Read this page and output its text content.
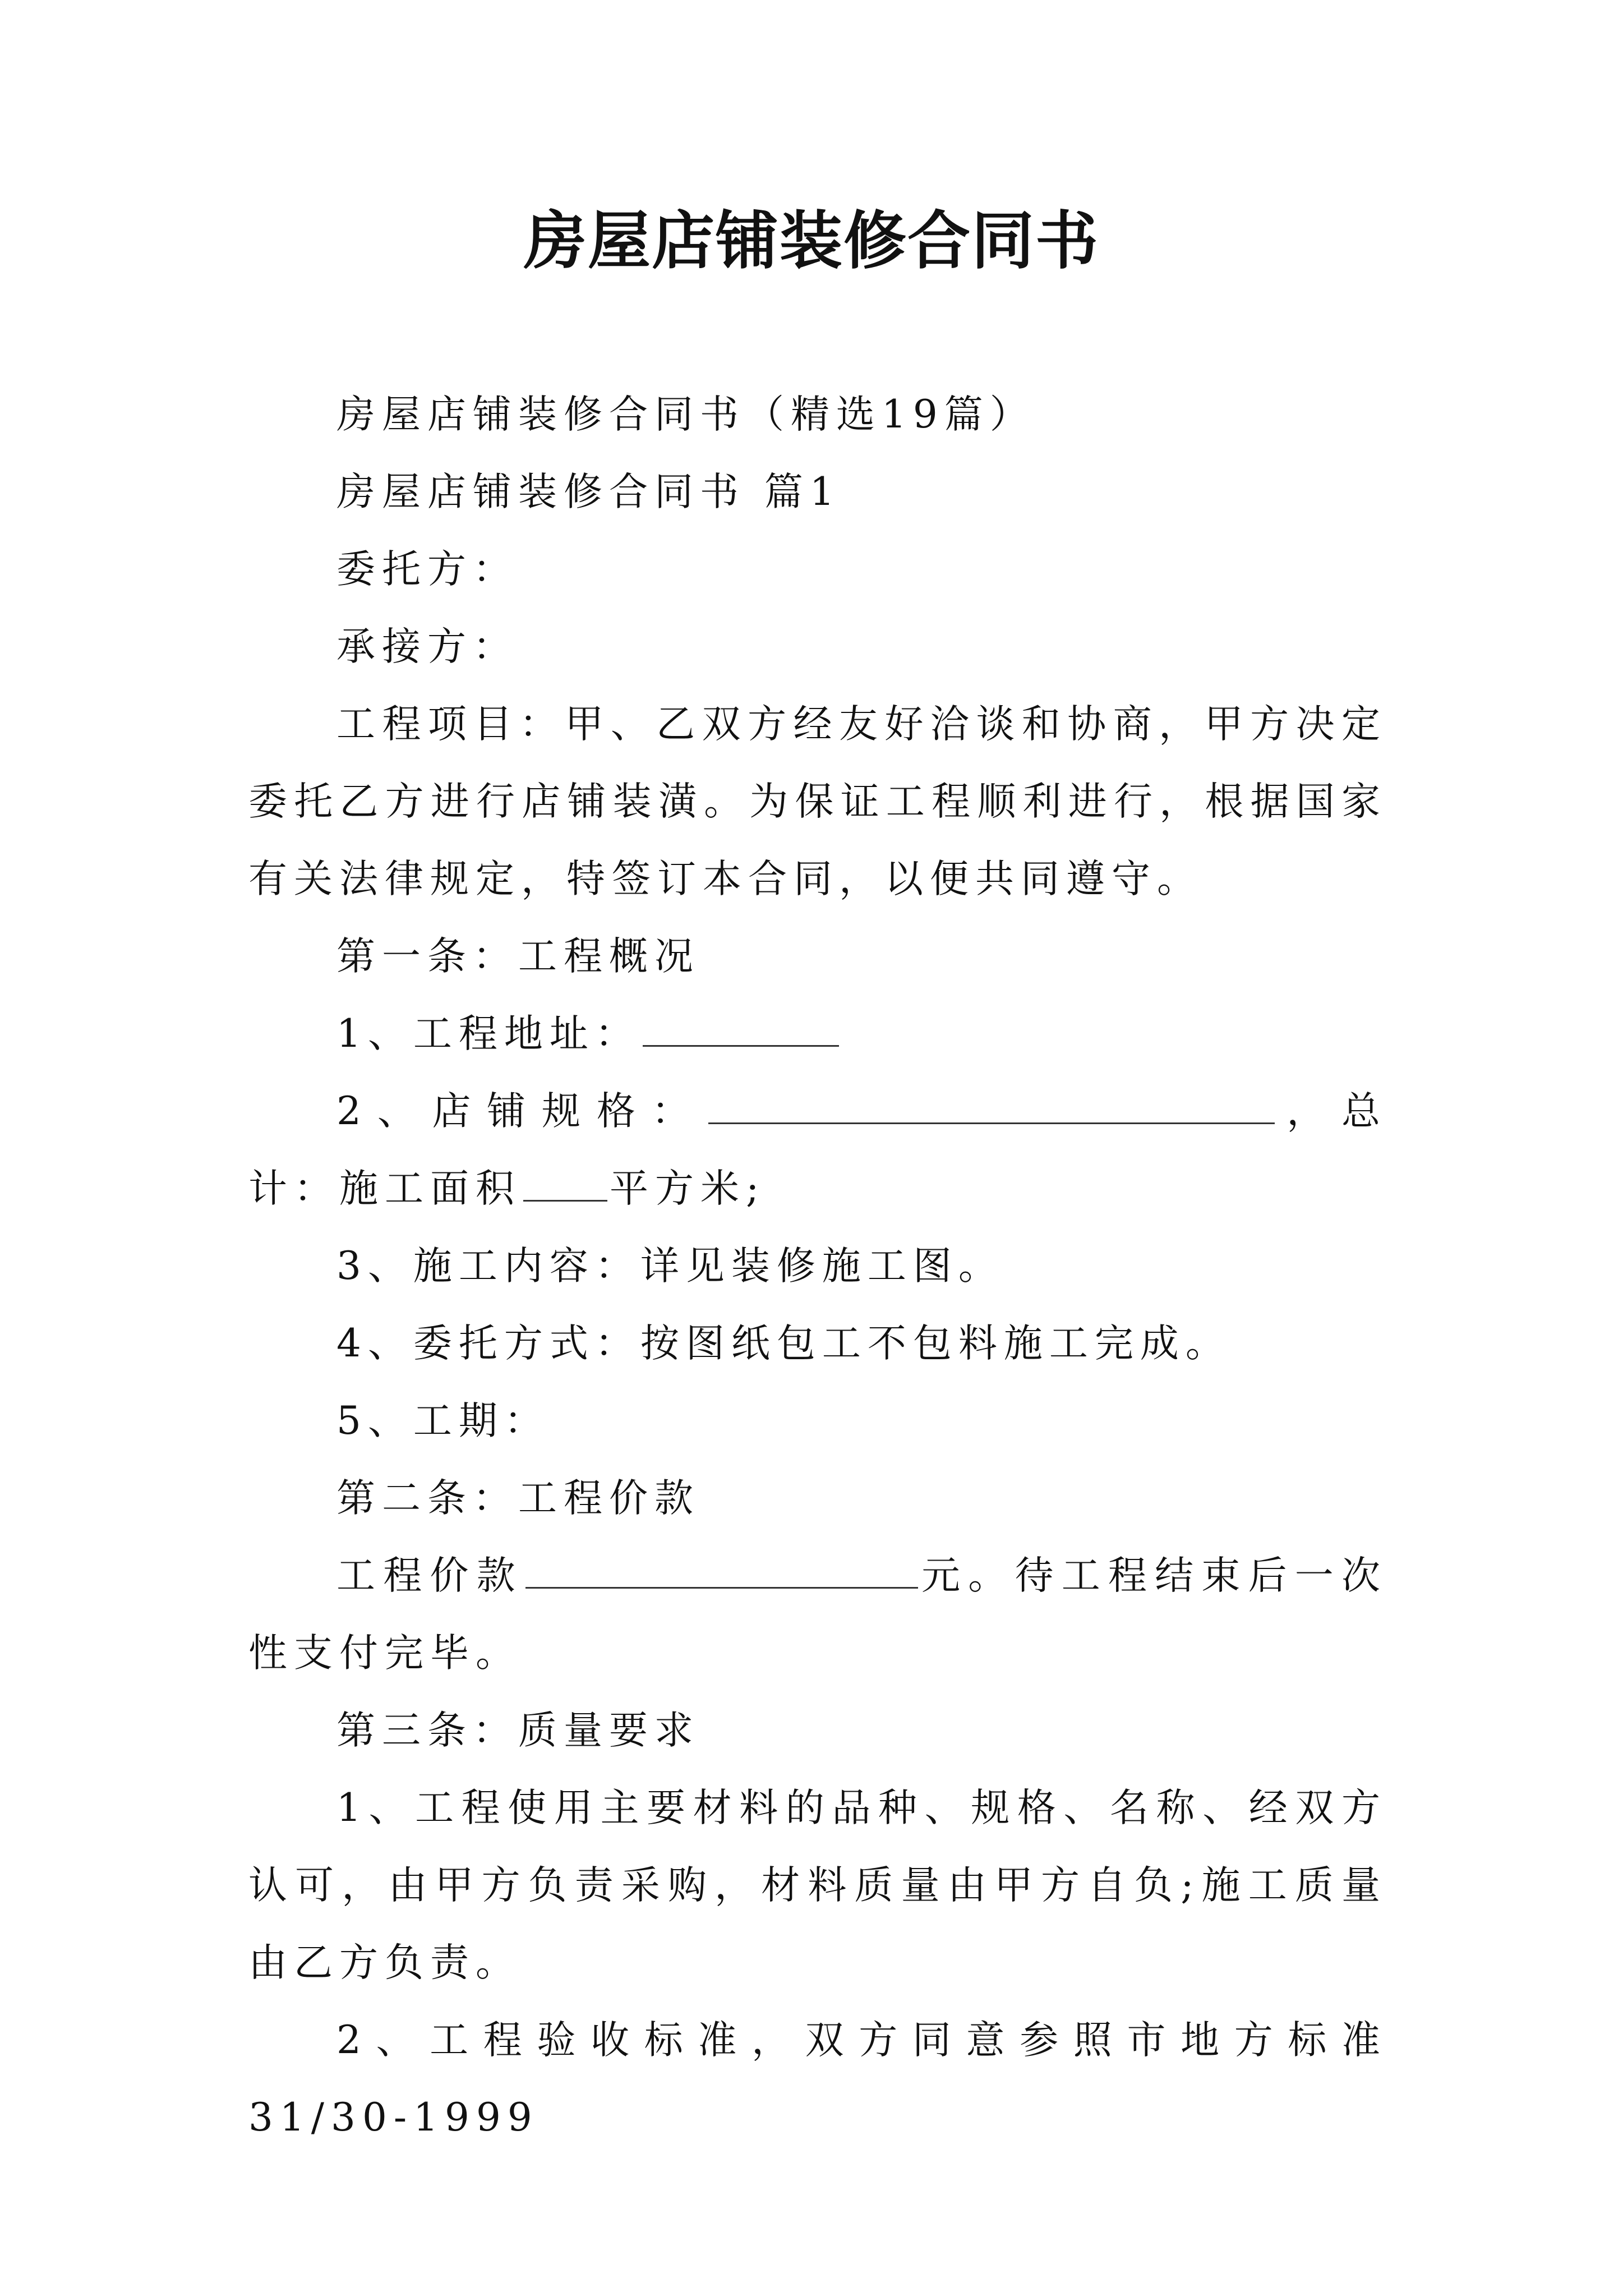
房屋店铺装修合同书

房屋店铺装修合同书（精选19篇）

房屋店铺装修合同书 篇1

委托方：

承接方：

工程项目：甲、乙双方经友好洽谈和协商，甲方决定委托乙方进行店铺装潢。为保证工程顺利进行，根据国家有关法律规定，特签订本合同，以便共同遵守。

第一条：工程概况

1、工程地址：

2、店铺规格：	，总计：施工面积 平方米;

3、施工内容：详见装修施工图。

4、委托方式：按图纸包工不包料施工完成。

5、工期：

第二条：工程价款

工程价款	元。待工程结束后一次性支付完毕。

第三条：质量要求

1、工程使用主要材料的品种、规格、名称、经双方认可，由甲方负责采购，材料质量由甲方自负;施工质量由乙方负责。

2、工程验收标准，双方同意参照市地方标准31/30-1999
